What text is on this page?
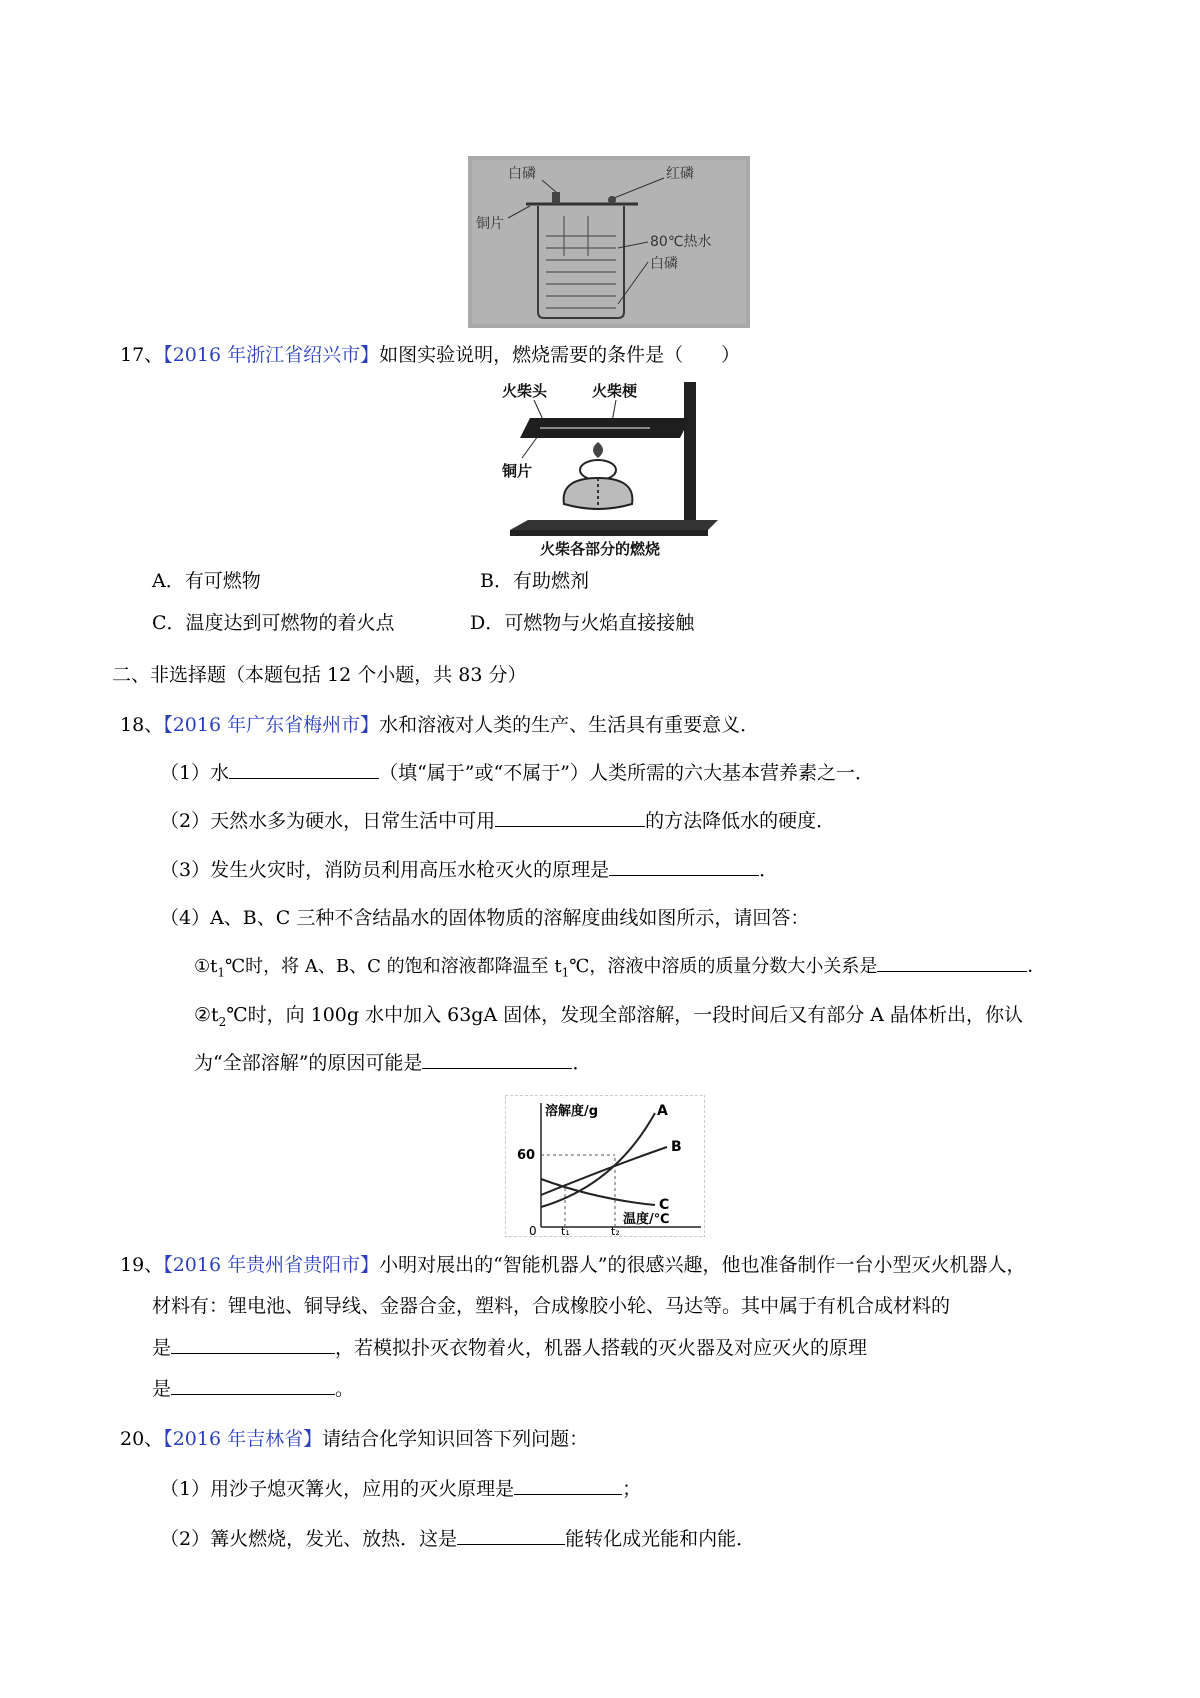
白磷	红磷
铜片
80℃热水
白磷
17、【2016 年浙江省绍兴市】如图实验说明，燃烧需要的条件是（　　）
火柴头	火柴梗
铜片
火柴各部分的燃烧
A．有可燃物	B．有助燃剂
C．温度达到可燃物的着火点	D．可燃物与火焰直接接触
二、非选择题（本题包括 12 个小题，共 83 分）
18、【2016 年广东省梅州市】水和溶液对人类的生产、生活具有重要意义．
（1）水	（填“属于”或“不属于”）人类所需的六大基本营养素之一．
（2）天然水多为硬水，日常生活中可用	的方法降低水的硬度．
（3）发生火灾时，消防员利用高压水枪灭火的原理是	．
（4）A、B、C 三种不含结晶水的固体物质的溶解度曲线如图所示，请回答：
$①t_1℃$时，将 A、B、C 的饱和溶液都降温至 $t_1℃$，溶液中溶质的质量分数大小关系是	．
$②t_2℃$时，向 100g 水中加入 63gA 固体，发现全部溶解，一段时间后又有部分 A 晶体析出，你认
为“全部溶解”的原因可能是	．
溶解度/g
温度/℃
60
0 t₁	t₂
A
B
C
19、【2016 年贵州省贵阳市】小明对展出的“智能机器人”的很感兴趣，他也准备制作一台小型灭火机器人，
材料有：锂电池、铜导线、金器合金，塑料，合成橡胶小轮、马达等。其中属于有机合成材料的
是	，若模拟扑灭衣物着火，机器人搭载的灭火器及对应灭火的原理
是	。
20、【2016 年吉林省】请结合化学知识回答下列问题：
（1）用沙子熄灭篝火，应用的灭火原理是	；
（2）篝火燃烧，发光、放热．这是	能转化成光能和内能．
